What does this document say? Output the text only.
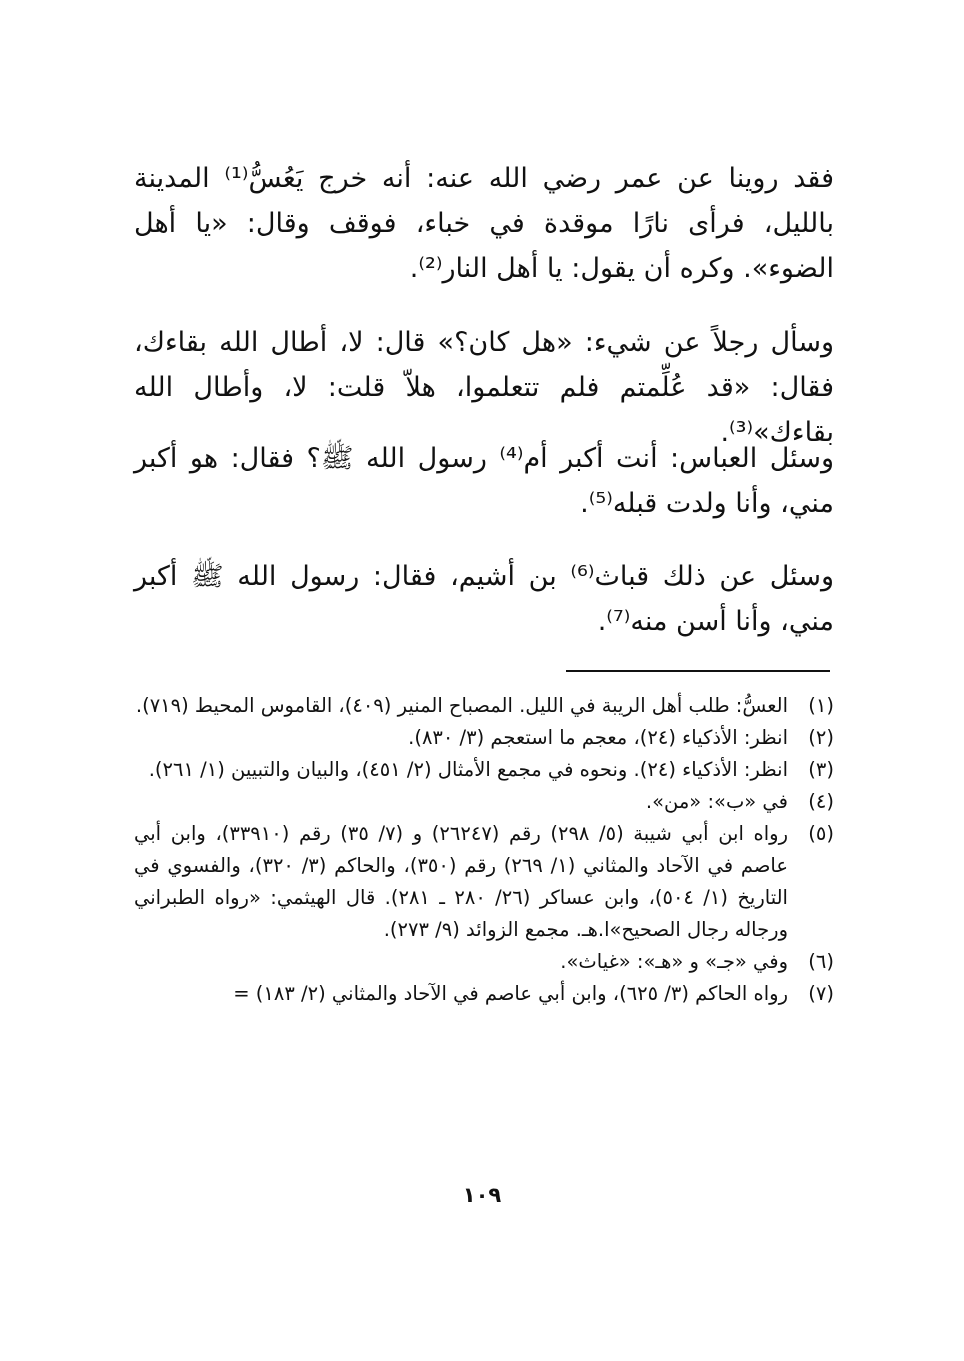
فقد روينا عن عمر رضي الله عنه: أنه خرج يَعُسُّ⁽¹⁾ المدينة بالليل، فرأى نارًا موقدة في خباء، فوقف وقال: «يا أهل الضوء». وكره أن يقول: يا أهل النار⁽²⁾.

وسأل رجلاً عن شيء: «هل كان؟» قال: لا، أطال الله بقاءك، فقال: «قد عُلِّمتم فلم تتعلموا، هلاّ قلت: لا، وأطال الله بقاءك»⁽³⁾.

وسئل العباس: أنت أكبر أم⁽⁴⁾ رسول الله ﷺ؟ فقال: هو أكبر مني، وأنا ولدت قبله⁽⁵⁾.

وسئل عن ذلك قباث⁽⁶⁾ بن أشيم، فقال: رسول الله ﷺ أكبر مني، وأنا أسن منه⁽⁷⁾.

(١)
العسُّ: طلب أهل الريبة في الليل. المصباح المنير (٤٠٩)، القاموس المحيط (٧١٩).
(٢)
انظر: الأذكياء (٢٤)، معجم ما استعجم (٣/ ٨٣٠).
(٣)
انظر: الأذكياء (٢٤). ونحوه في مجمع الأمثال (٢/ ٤٥١)، والبيان والتبيين (١/ ٢٦١).
(٤)
في «ب»: «من».
(٥)
رواه ابن أبي شيبة (٥/ ٢٩٨) رقم (٢٦٢٤٧) و (٧/ ٣٥) رقم (٣٣٩١٠)، وابن أبي عاصم في الآحاد والمثاني (١/ ٢٦٩) رقم (٣٥٠)، والحاكم (٣/ ٣٢٠)، والفسوي في التاريخ (١/ ٥٠٤)، وابن عساكر (٢٦/ ٢٨٠ ـ ٢٨١). قال الهيثمي: «رواه الطبراني ورجاله رجال الصحيح»ا.هـ. مجمع الزوائد (٩/ ٢٧٣).
(٦)
وفي «جـ» و «هـ»: «غياث».
(٧)
رواه الحاكم (٣/ ٦٢٥)، وابن أبي عاصم في الآحاد والمثاني (٢/ ١٨٣) =
١٠٩
